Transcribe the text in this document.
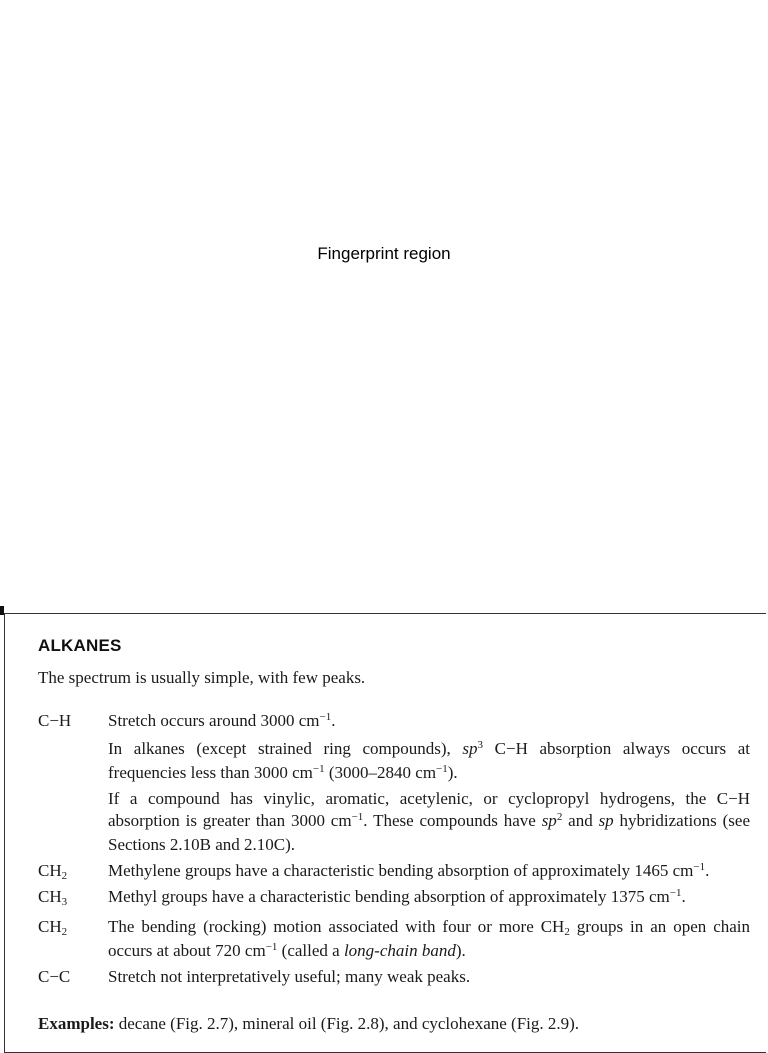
Fingerprint region
ALKANES

The spectrum is usually simple, with few peaks.

C−H	Stretch occurs around 3000 $cm^{-1}$.

In alkanes (except strained ring compounds), $sp^3$ C−H absorption always occurs at frequencies less than 3000 $cm^{-1}$ (3000–2840 $cm^{-1}$).

If a compound has vinylic, aromatic, acetylenic, or cyclopropyl hydrogens, the C−H absorption is greater than 3000 $cm^{-1}$. These compounds have $sp^2$ and sp hybridizations (see Sections 2.10B and 2.10C).

$CH_2$	Methylene groups have a characteristic bending absorption of approximately 1465 $cm^{-1}$.

$CH_3$	Methyl groups have a characteristic bending absorption of approximately 1375 $cm^{-1}$.

$CH_2$	The bending (rocking) motion associated with four or more $CH_2$ groups in an open chain occurs at about 720 $cm^{-1}$ (called a long-chain band).

C−C	Stretch not interpretatively useful; many weak peaks.

Examples: decane (Fig. 2.7), mineral oil (Fig. 2.8), and cyclohexane (Fig. 2.9).
